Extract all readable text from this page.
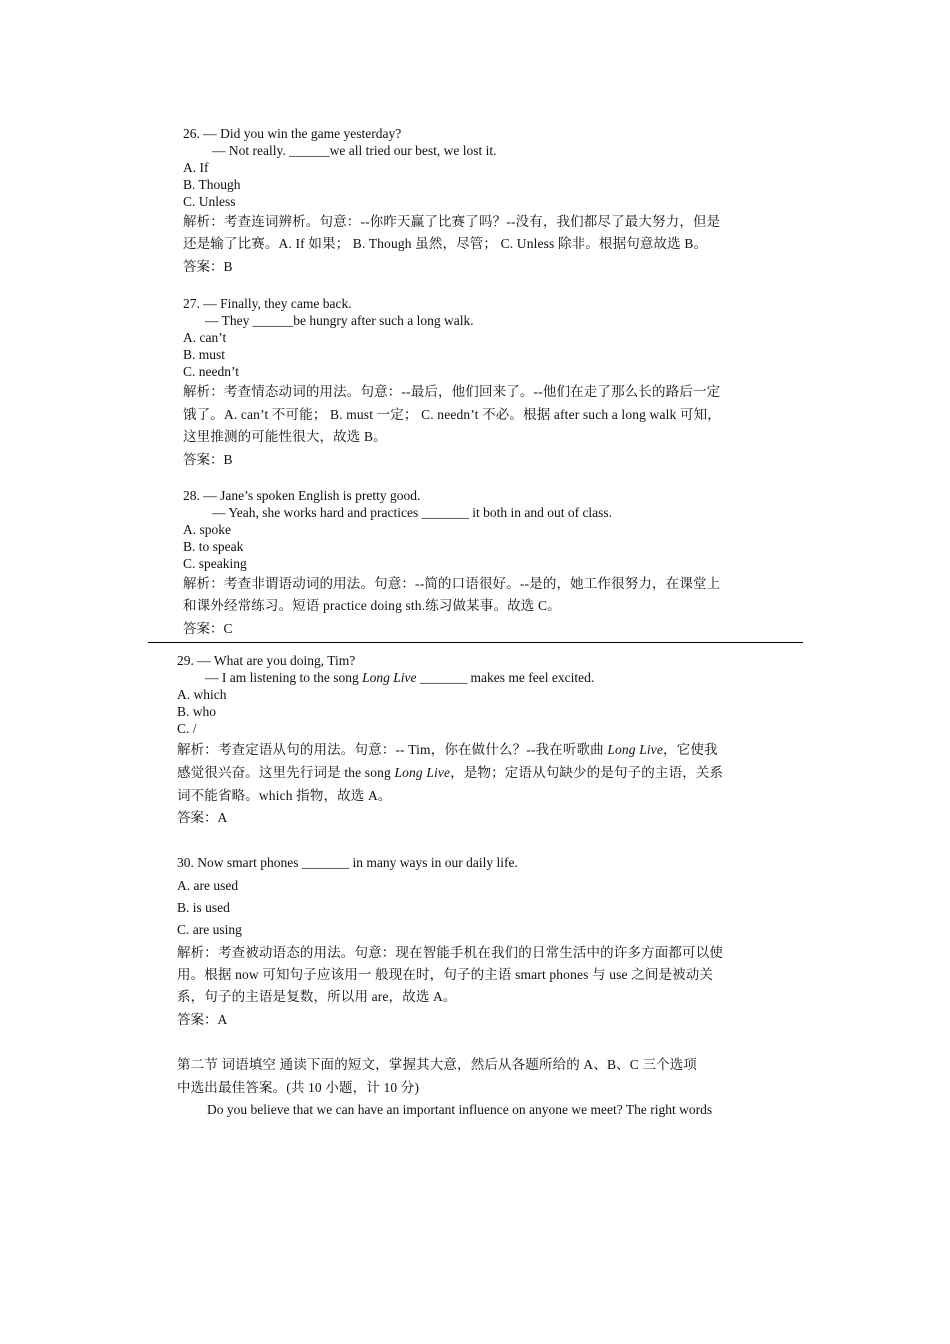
26. — Did you win the game yesterday?
— Not really. ______we all tried our best, we lost it.
A. If
B. Though
C. Unless
解析：考查连词辨析。句意：--你昨天赢了比赛了吗？--没有，我们都尽了最大努力，但是
还是输了比赛。A. If 如果； B. Though 虽然，尽管； C. Unless 除非。根据句意故选 B。
答案：B
27. — Finally, they came back.
— They ______be hungry after such a long walk.
A. can’t
B. must
C. needn’t
解析：考查情态动词的用法。句意：--最后，他们回来了。--他们在走了那么长的路后一定
饿了。A. can’t 不可能； B. must 一定； C. needn’t 不必。根据 after such a long walk 可知，
这里推测的可能性很大，故选 B。
答案：B
28. — Jane’s spoken English is pretty good.
— Yeah, she works hard and practices _______ it both in and out of class.
A. spoke
B. to speak
C. speaking
解析：考查非谓语动词的用法。句意：--简的口语很好。--是的，她工作很努力，在课堂上
和课外经常练习。短语 practice doing sth.练习做某事。故选 C。
答案：C
29. — What are you doing, Tim?
— I am listening to the song Long Live _______ makes me feel excited.
A. which
B. who
C. /
解析：考查定语从句的用法。句意：-- Tim，你在做什么？--我在听歌曲 Long Live，它使我
感觉很兴奋。这里先行词是 the song Long Live，是物；定语从句缺少的是句子的主语，关系
词不能省略。which 指物，故选 A。
答案：A
30. Now smart phones _______ in many ways in our daily life.
A. are used
B. is used
C. are using
解析：考查被动语态的用法。句意：现在智能手机在我们的日常生活中的许多方面都可以使
用。根据 now 可知句子应该用一 般现在时，句子的主语 smart phones 与 use 之间是被动关
系，句子的主语是复数，所以用 are，故选 A。
答案：A
第二节 词语填空 通读下面的短文，掌握其大意，然后从各题所给的 A、B、C 三个选项
中选出最佳答案。(共 10 小题，计 10 分)
Do you believe that we can have an important influence on anyone we meet? The right words
